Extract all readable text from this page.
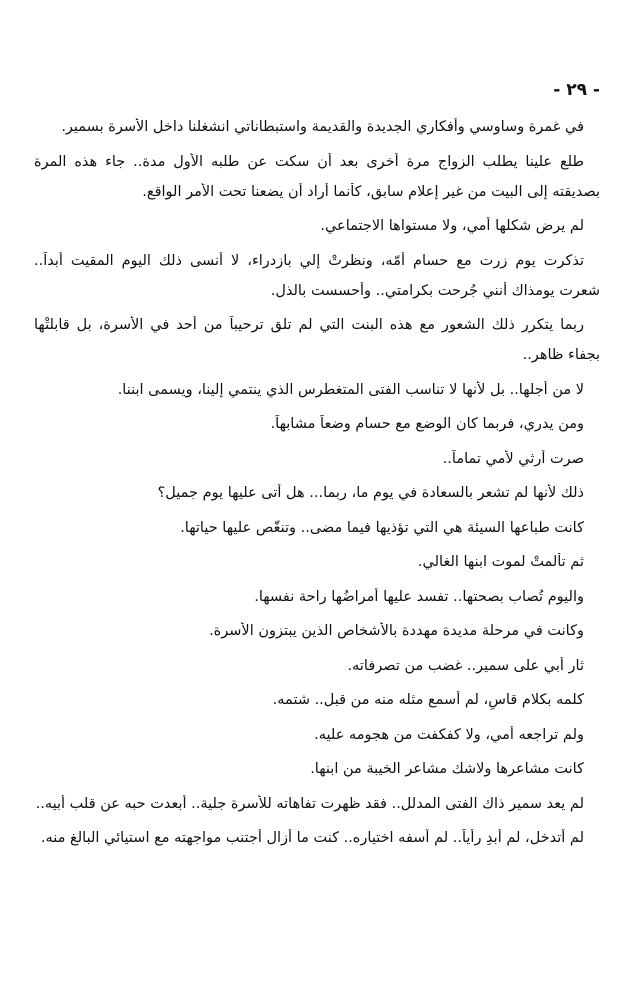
- ٢٩ -
في غمرة وساوسي وأفكاري الجديدة والقديمة واستبطاناتي انشغلنا داخل الأسرة بسمير.
طلع علينا يطلب الزواج مرة أخرى بعد أن سكت عن طلبه الأول مدة.. جاء هذه المرة
بصديقته إلى البيت من غير إعلام سابق، كأنما أراد أن يضعنا تحت الأمر الواقع.
لم يرض شكلها أمي، ولا مستواها الاجتماعي.
تذكرت يوم زرت مع حسام أمّه، ونظرتْ إلي بازدراء، لا أنسى ذلك اليوم المقيت أبداً..
شعرت يومذاك أنني جُرحت بكرامتي.. وأحسست بالذل.
ربما يتكرر ذلك الشعور مع هذه البنت التي لم تلق ترحيباً من أحد في الأسرة، بل قابلتْها
بجفاء ظاهر..
لا من أجلها.. بل لأنها لا تناسب الفتى المتغطرس الذي ينتمي إلينا، ويسمى ابننا.
ومن يدري، فربما كان الوضع مع حسام وضعاً مشابهاً.
صرت أرثي لأمي تماماً..
ذلك لأنها لم تشعر بالسعادة في يوم ما، ربما... هل أتى عليها يوم جميل؟
كانت طباعها السيئة هي التي تؤذيها فيما مضى.. وتنغّص عليها حياتها.
ثم تألمتْ لموت ابنها الغالي.
واليوم تُصاب بصحتها.. تفسد عليها أمراضُها راحة نفسها.
وكانت في مرحلة مديدة مهددة بالأشخاص الذين يبتزون الأسرة.
ثار أبي على سمير.. غضب من تصرفاته.
كلمه بكلام قاسٍ، لم أسمع مثله منه من قبل.. شتمه.
ولم تراجعه أمي، ولا كفكفت من هجومه عليه.
كانت مشاعرها ولاشك مشاعر الخيبة من ابنها.
لم يعد سمير ذاك الفتى المدلل.. فقد ظهرت تفاهاته للأسرة جلية.. أبعدت حبه عن قلب أبيه..
لم أتدخل، لم أبدِ رأياً.. لم أسفه اختياره.. كنت ما أزال أجتنب مواجهته مع استيائي البالغ منه.
